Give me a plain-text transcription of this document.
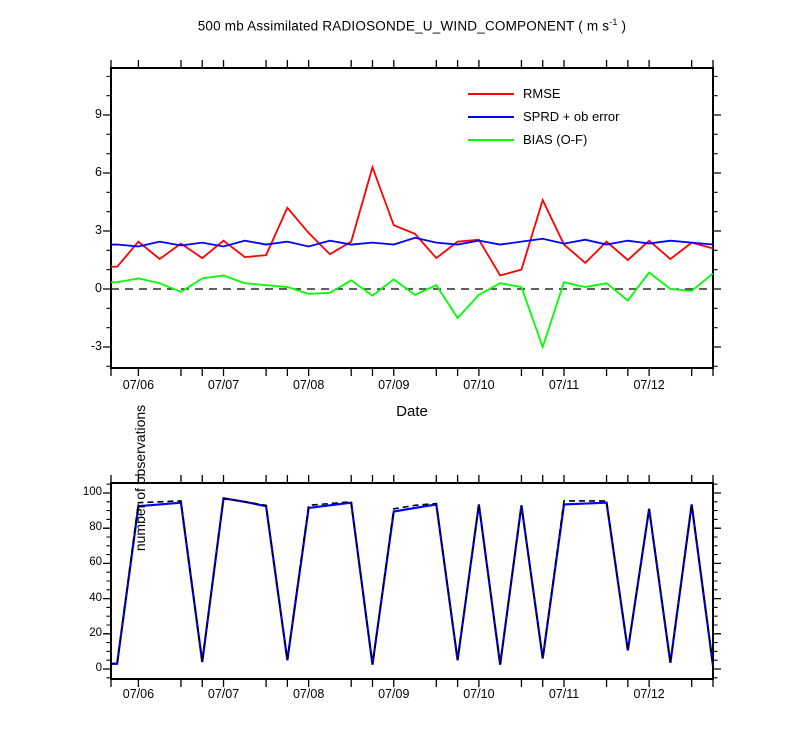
500 mb Assimilated RADIOSONDE_U_WIND_COMPONENT ( m $s^{-1}$ )
RMSE
SPRD + ob error
BIAS (O-F)
Date
number of observations
-3
0
3
6
9
0
20
40
60
80
100
07/06
07/06
07/07
07/07
07/08
07/08
07/09
07/09
07/10
07/10
07/11
07/11
07/12
07/12
